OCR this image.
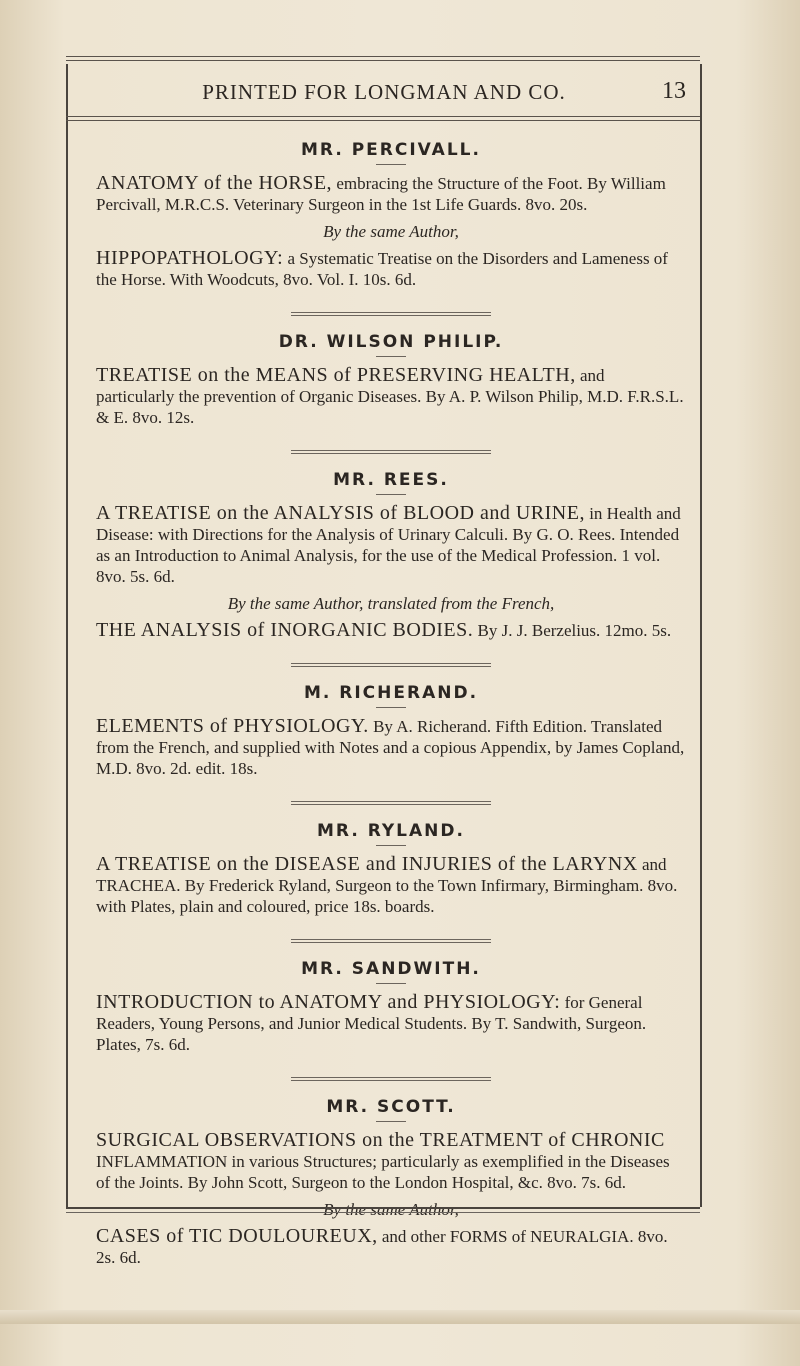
PRINTED FOR LONGMAN AND CO.	13
MR. PERCIVALL.

ANATOMY of the HORSE, embracing the Structure of the Foot. By William Percivall, M.R.C.S. Veterinary Surgeon in the 1st Life Guards. 8vo. 20s.

By the same Author,

HIPPOPATHOLOGY: a Systematic Treatise on the Disorders and Lameness of the Horse. With Woodcuts, 8vo. Vol. I. 10s. 6d.

DR. WILSON PHILIP.

TREATISE on the MEANS of PRESERVING HEALTH, and particularly the prevention of Organic Diseases. By A. P. Wilson Philip, M.D. F.R.S.L. & E. 8vo. 12s.

MR. REES.

A TREATISE on the ANALYSIS of BLOOD and URINE, in Health and Disease: with Directions for the Analysis of Urinary Calculi. By G. O. Rees. Intended as an Introduction to Animal Analysis, for the use of the Medical Profession. 1 vol. 8vo. 5s. 6d.

By the same Author, translated from the French,

THE ANALYSIS of INORGANIC BODIES. By J. J. Berzelius. 12mo. 5s.

M. RICHERAND.

ELEMENTS of PHYSIOLOGY. By A. Richerand. Fifth Edition. Translated from the French, and supplied with Notes and a copious Appendix, by James Copland, M.D. 8vo. 2d. edit. 18s.

MR. RYLAND.

A TREATISE on the DISEASE and INJURIES of the LARYNX and TRACHEA. By Frederick Ryland, Surgeon to the Town Infirmary, Birmingham. 8vo. with Plates, plain and coloured, price 18s. boards.

MR. SANDWITH.

INTRODUCTION to ANATOMY and PHYSIOLOGY: for General Readers, Young Persons, and Junior Medical Students. By T. Sandwith, Surgeon. Plates, 7s. 6d.

MR. SCOTT.

SURGICAL OBSERVATIONS on the TREATMENT of CHRONIC INFLAMMATION in various Structures; particularly as exemplified in the Diseases of the Joints. By John Scott, Surgeon to the London Hospital, &c. 8vo. 7s. 6d.

By the same Author,

CASES of TIC DOULOUREUX, and other FORMS of NEURALGIA. 8vo. 2s. 6d.
